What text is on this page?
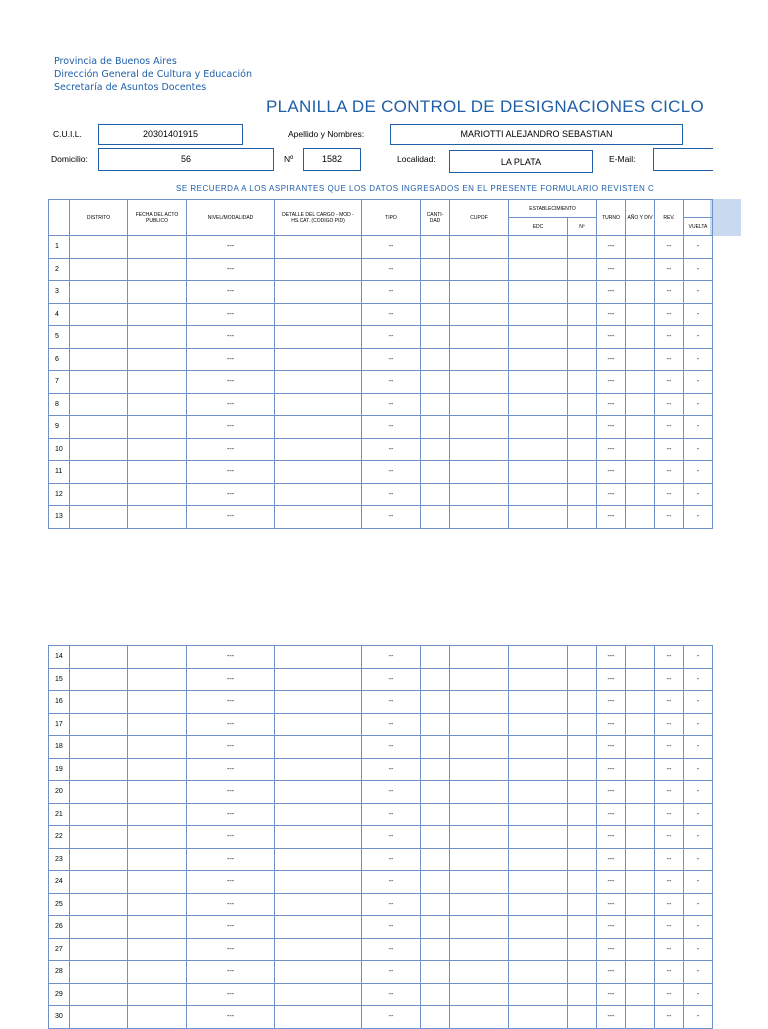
Provincia de Buenos Aires
Dirección General de Cultura y Educación
Secretaría de Asuntos Docentes
PLANILLA DE CONTROL DE DESIGNACIONES CICLO
C.U.I.L.	20301401915	Apellido y Nombres:	MARIOTTI ALEJANDRO SEBASTIAN
Domicilio:	56	Nº	1582	Localidad:	LA PLATA	E-Mail:
SE RECUERDA A LOS ASPIRANTES QUE LOS DATOS INGRESADOS EN EL PRESENTE FORMULARIO REVISTEN C
	DISTRITO	FECHA DEL ACTO PUBLICO	NIVEL/MODALIDAD	DETALLE DEL CARGO - MOD - HS.CAT. (CODIGO PID)	TIPO	CANTI- DAD	CUPOF	ESTABLECIMIENTO		TURNO	AÑO Y DIV	REV.	
								EDC	Nº				VUELTA
1			---		--					---		--	-
2			---		--					---		--	-
3			---		--					---		--	-
4			---		--					---		--	-
5			---		--					---		--	-
6			---		--					---		--	-
7			---		--					---		--	-
8			---		--					---		--	-
9			---		--					---		--	-
10			---		--					---		--	-
11			---		--					---		--	-
12			---		--					---		--	-
13			---		--					---		--	-
14			---		--					---		--	-
15			---		--					---		--	-
16			---		--					---		--	-
17			---		--					---		--	-
18			---		--					---		--	-
19			---		--					---		--	-
20			---		--					---		--	-
21			---		--					---		--	-
22			---		--					---		--	-
23			---		--					---		--	-
24			---		--					---		--	-
25			---		--					---		--	-
26			---		--					---		--	-
27			---		--					---		--	-
28			---		--					---		--	-
29			---		--					---		--	-
30			---		--					---		--	-
